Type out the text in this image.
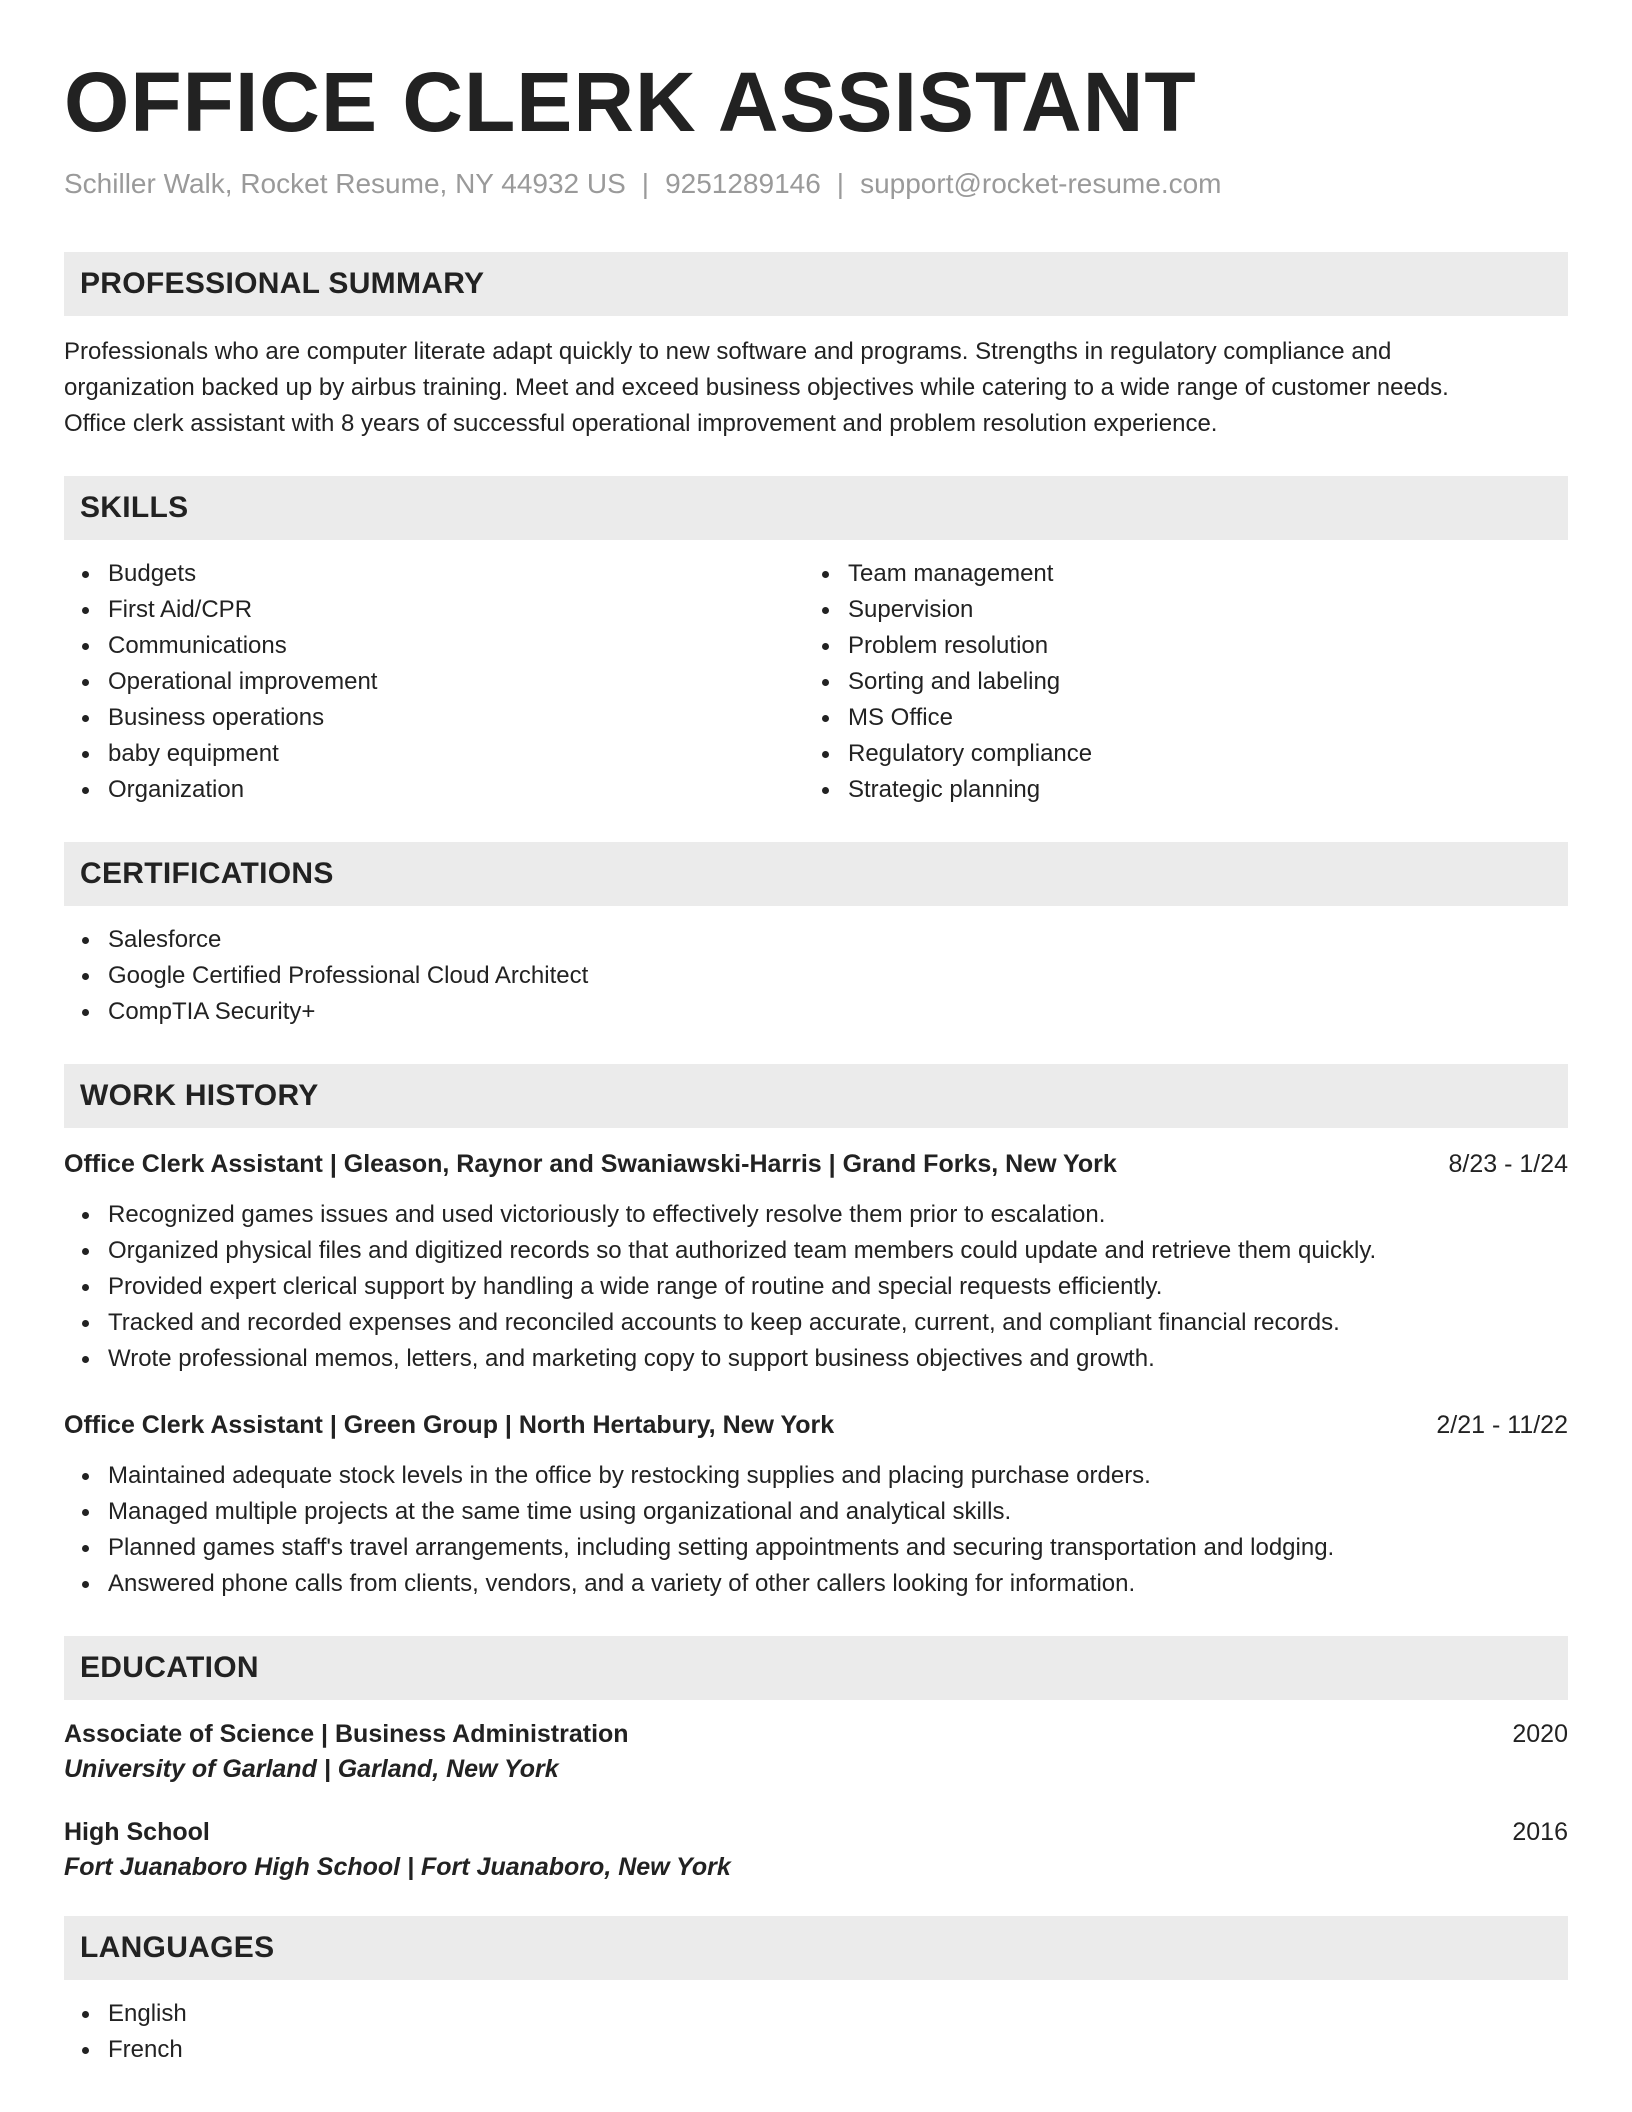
OFFICE CLERK ASSISTANT
Schiller Walk, Rocket Resume, NY 44932 US | 9251289146 | support@rocket-resume.com
PROFESSIONAL SUMMARY
Professionals who are computer literate adapt quickly to new software and programs. Strengths in regulatory compliance and
organization backed up by airbus training. Meet and exceed business objectives while catering to a wide range of customer needs.
Office clerk assistant with 8 years of successful operational improvement and problem resolution experience.
SKILLS
Budgets
First Aid/CPR
Communications
Operational improvement
Business operations
baby equipment
Organization
Team management
Supervision
Problem resolution
Sorting and labeling
MS Office
Regulatory compliance
Strategic planning
CERTIFICATIONS
Salesforce
Google Certified Professional Cloud Architect
CompTIA Security+
WORK HISTORY
Office Clerk Assistant | Gleason, Raynor and Swaniawski-Harris | Grand Forks, New York	8/23 - 1/24
Recognized games issues and used victoriously to effectively resolve them prior to escalation.
Organized physical files and digitized records so that authorized team members could update and retrieve them quickly.
Provided expert clerical support by handling a wide range of routine and special requests efficiently.
Tracked and recorded expenses and reconciled accounts to keep accurate, current, and compliant financial records.
Wrote professional memos, letters, and marketing copy to support business objectives and growth.
Office Clerk Assistant | Green Group | North Hertabury, New York	2/21 - 11/22
Maintained adequate stock levels in the office by restocking supplies and placing purchase orders.
Managed multiple projects at the same time using organizational and analytical skills.
Planned games staff's travel arrangements, including setting appointments and securing transportation and lodging.
Answered phone calls from clients, vendors, and a variety of other callers looking for information.
EDUCATION
Associate of Science | Business Administration	2020
University of Garland | Garland, New York
High School	2016
Fort Juanaboro High School | Fort Juanaboro, New York
LANGUAGES
English
French
